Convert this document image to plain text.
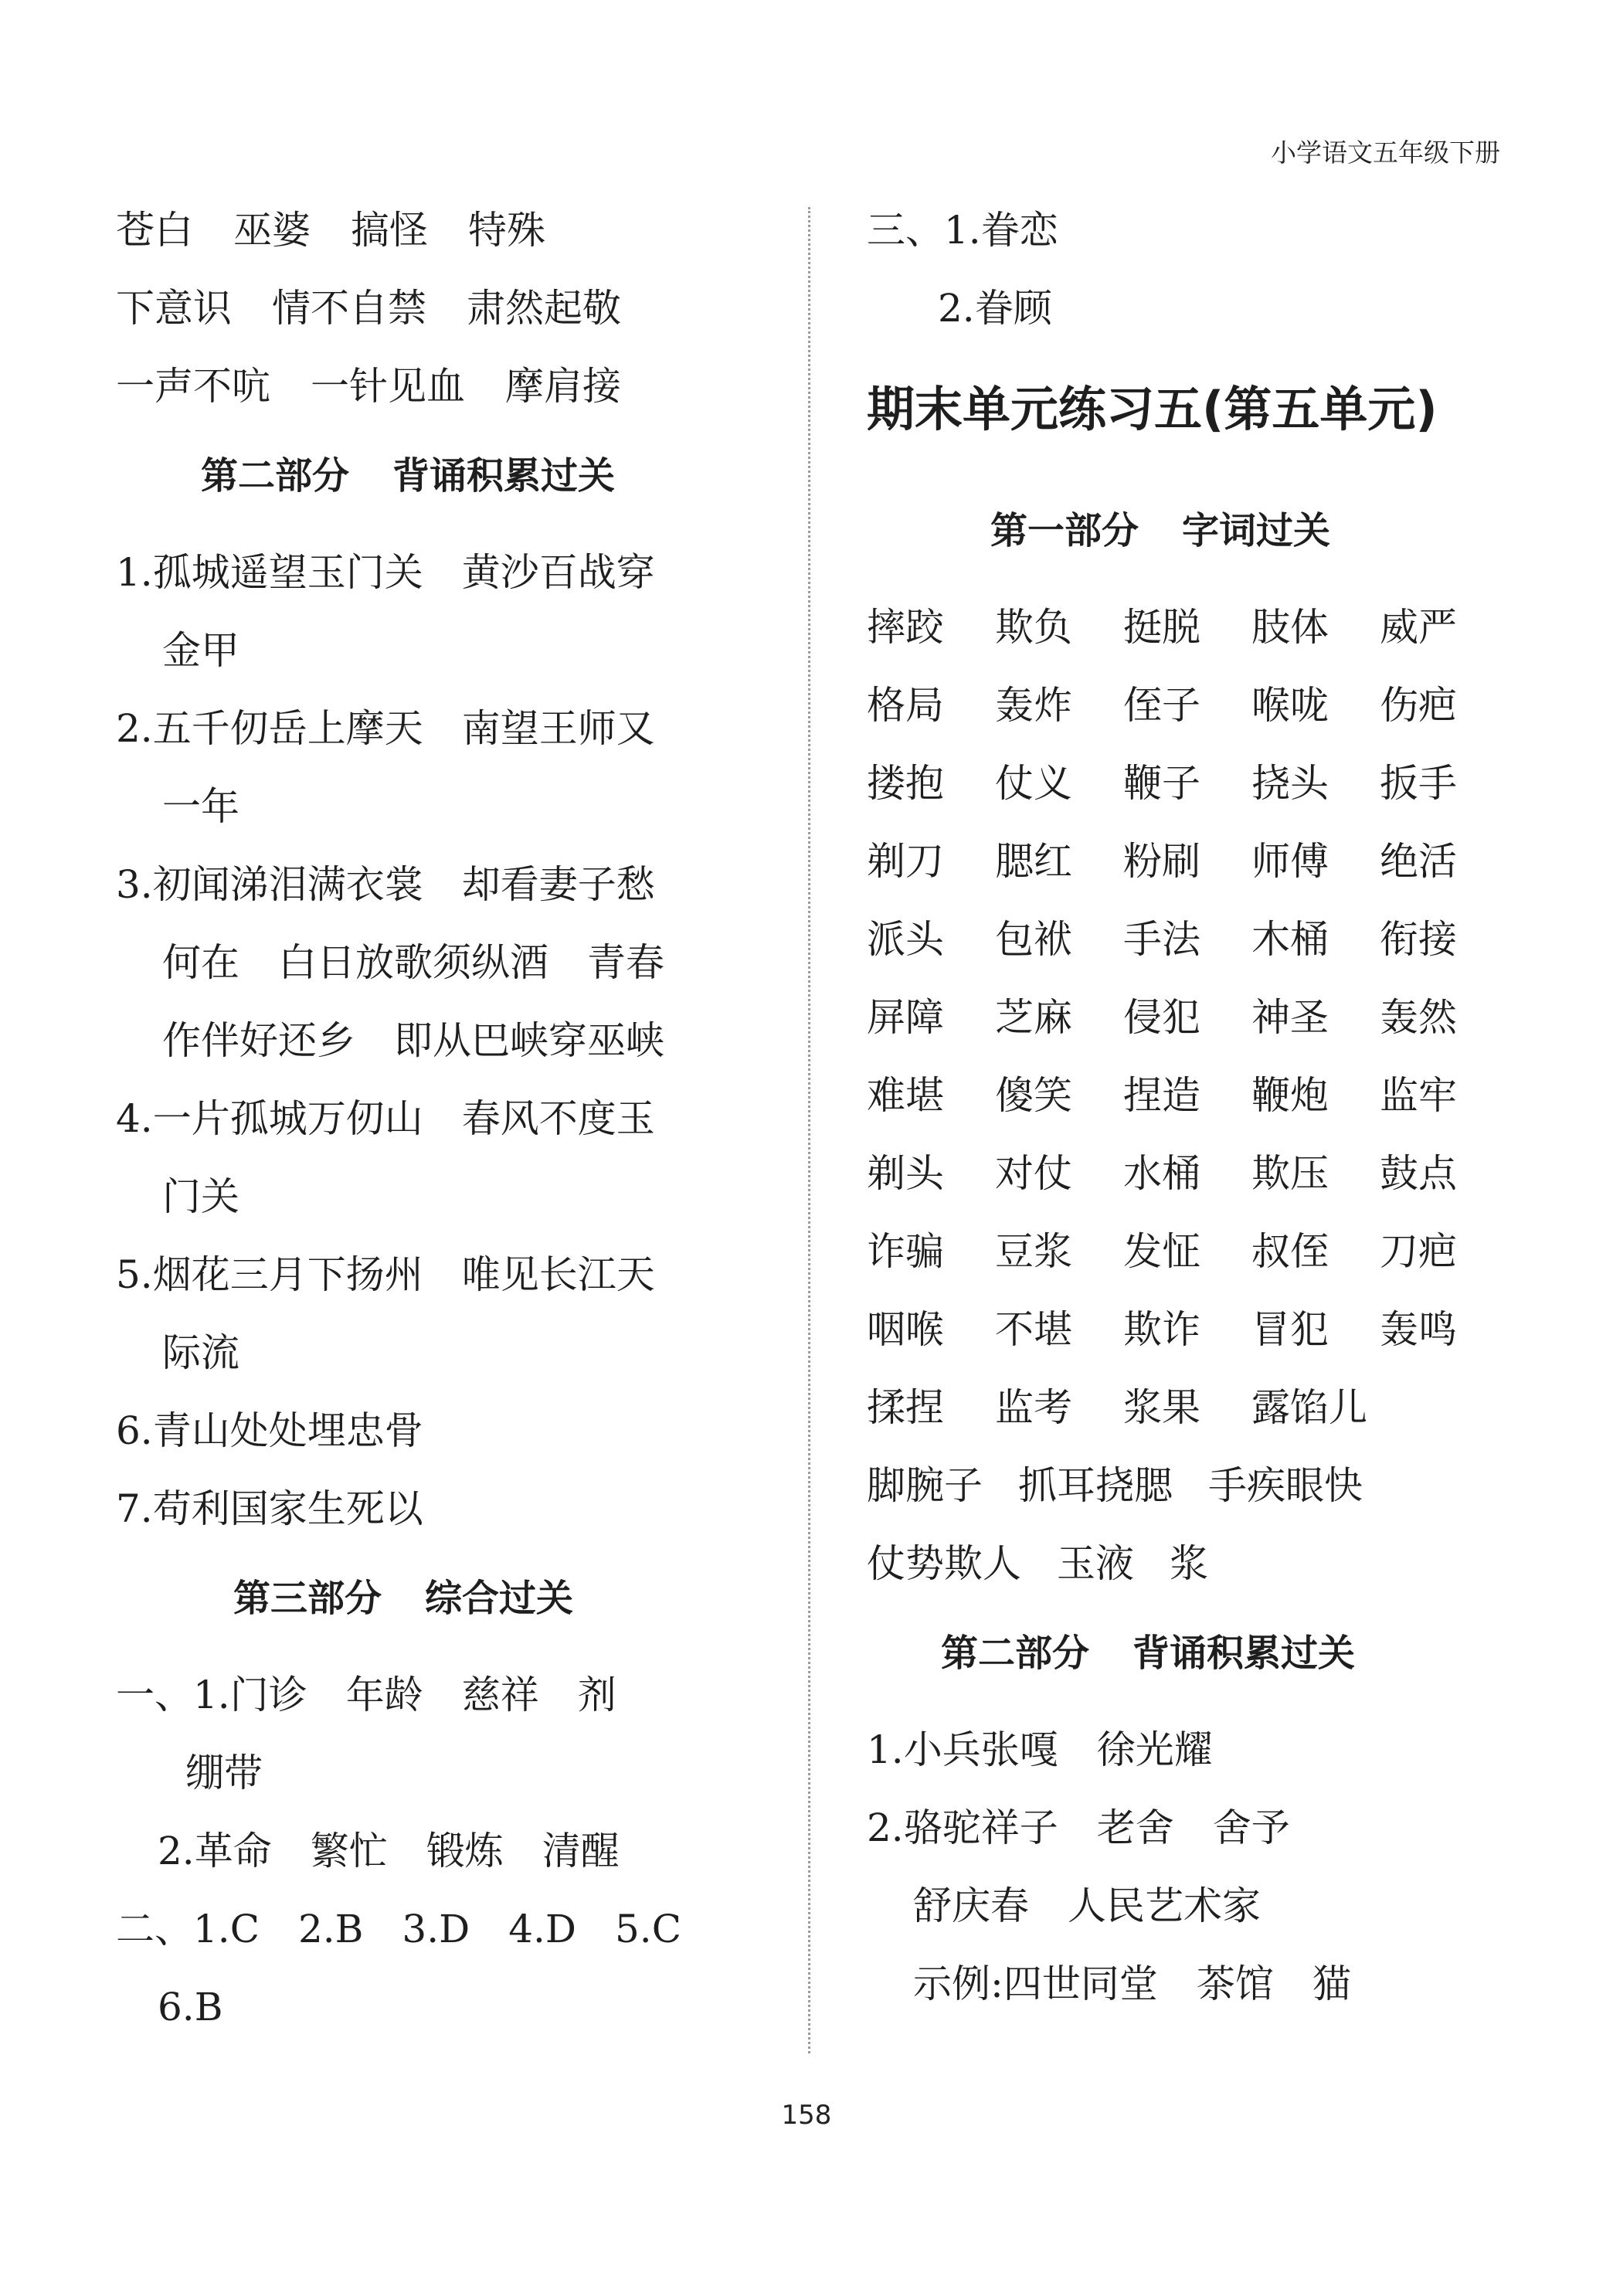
小学语文五年级下册
苍白 巫婆 搞怪 特殊
下意识 情不自禁 肃然起敬
一声不吭 一针见血 摩肩接
第二部分 背诵积累过关
1.孤城遥望玉门关　黄沙百战穿
金甲
2.五千仞岳上摩天　南望王师又
一年
3.初闻涕泪满衣裳　却看妻子愁
何在　白日放歌须纵酒　青春
作伴好还乡　即从巴峡穿巫峡
4.一片孤城万仞山　春风不度玉
门关
5.烟花三月下扬州　唯见长江天
际流
6.青山处处埋忠骨
7.苟利国家生死以
第三部分 综合过关
一、1.门诊　年龄　慈祥　剂
绷带
2.革命　繁忙　锻炼　清醒
二、1.C　2.B　3.D　4.D　5.C
6.B
三、1.眷恋
2.眷顾
期末单元练习五(第五单元)
第一部分 字词过关
摔跤 欺负 挺脱 肢体 威严
格局 轰炸 侄子 喉咙 伤疤
搂抱 仗义 鞭子 挠头 扳手
剃刀 腮红 粉刷 师傅 绝活
派头 包袱 手法 木桶 衔接
屏障 芝麻 侵犯 神圣 轰然
难堪 傻笑 捏造 鞭炮 监牢
剃头 对仗 水桶 欺压 鼓点
诈骗 豆浆 发怔 叔侄 刀疤
咽喉 不堪 欺诈 冒犯 轰鸣
揉捏 监考 浆果 露馅儿
脚腕子 抓耳挠腮 手疾眼快
仗势欺人 玉液 浆
第二部分 背诵积累过关
1.小兵张嘎　徐光耀
2.骆驼祥子　老舍　舍予
舒庆春　人民艺术家
示例:四世同堂　茶馆　猫
158
